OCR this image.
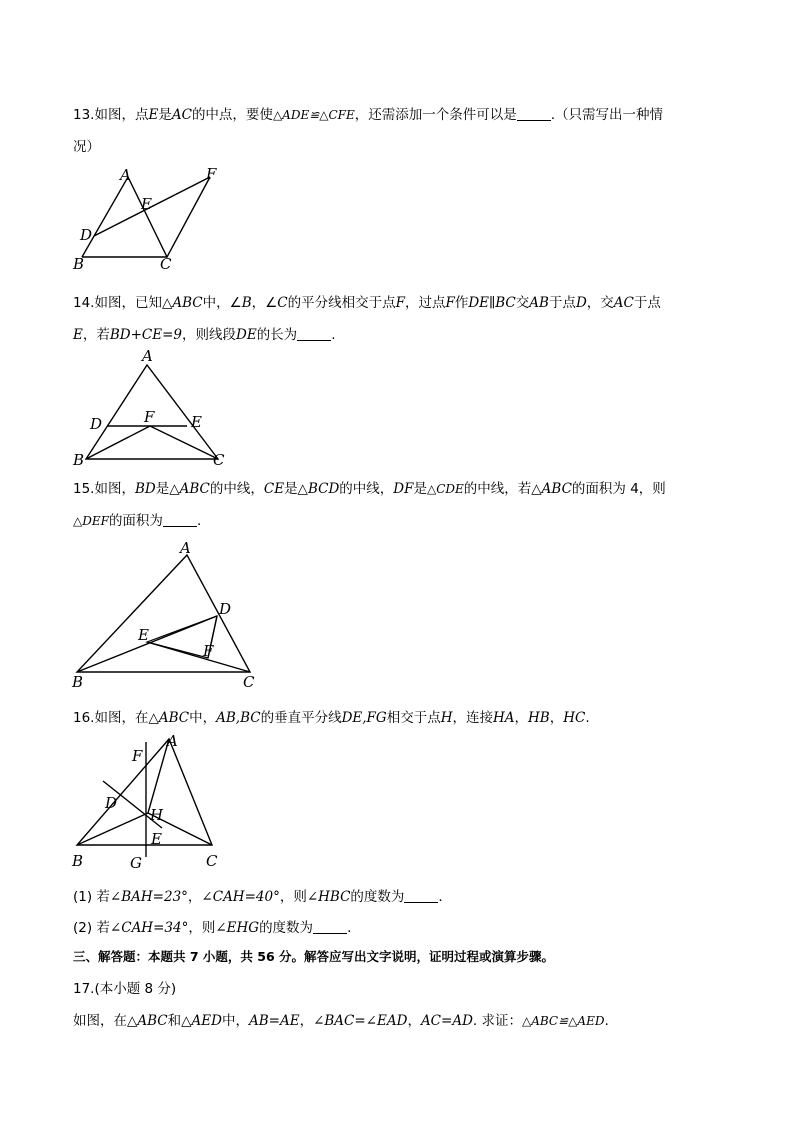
13.如图，点E是AC的中点，要使△ADE≌△CFE，还需添加一个条件可以是	.（只需写出一种情
况）
A	F
E
D
B	C
14.如图，已知△ABC中，∠B，∠C的平分线相交于点F，过点F作DE∥BC交AB于点D，交AC于点
E，若BD+CE=9，则线段DE的长为	.
A
D	F E
B	C
15.如图，BD是△ABC的中线，CE是△BCD的中线，DF是△CDE的中线，若△ABC的面积为 4，则
△DEF的面积为	.
A
D
E
F
B	C
16.如图，在△ABC中，AB,BC的垂直平分线DE,FG相交于点H，连接HA，HB，HC.
A
F
D
H
E
B	G	C
(1) 若∠BAH=23°，∠CAH=40°，则∠HBC的度数为	.
(2) 若∠CAH=34°，则∠EHG的度数为	.
三、解答题：本题共 7 小题，共 56 分。解答应写出文字说明，证明过程或演算步骤。
17.(本小题 8 分)
如图，在△ABC和△AED中，AB=AE，∠BAC=∠EAD，AC=AD. 求证：△ABC≌△AED.
